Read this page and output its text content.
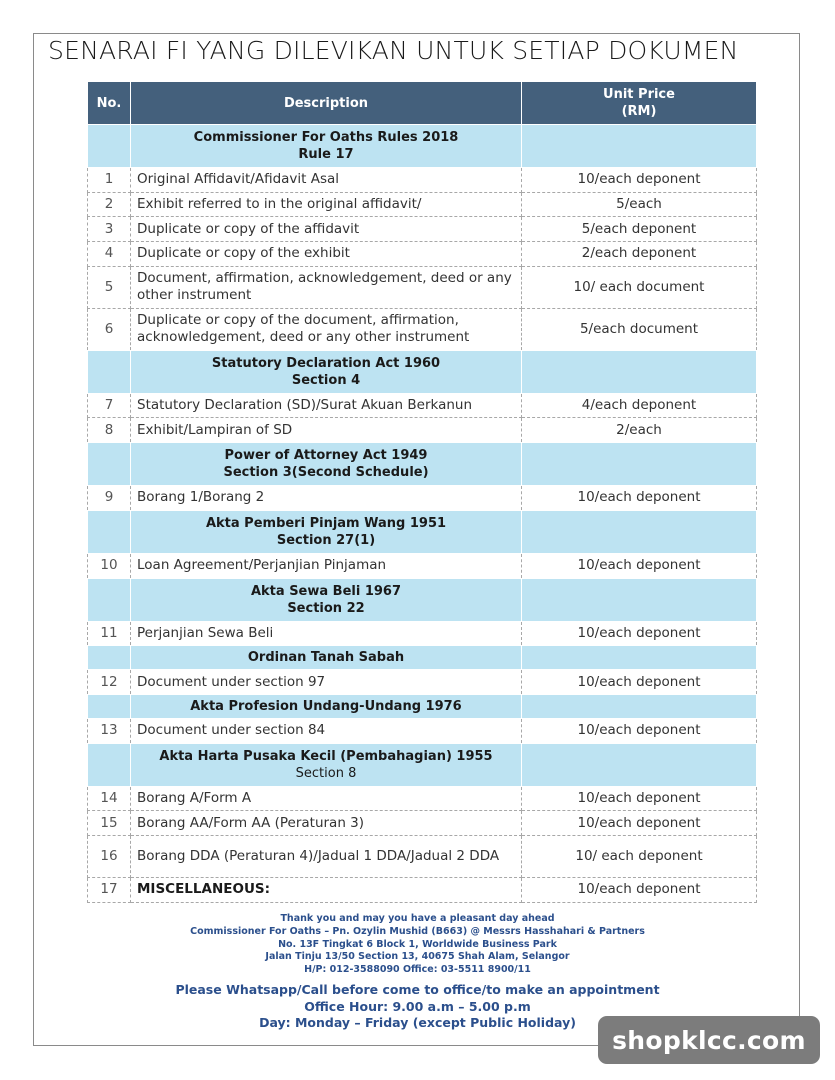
SENARAI FI YANG DILEVIKAN UNTUK SETIAP DOKUMEN
No.	Description	Unit Price
(RM)
	Commissioner For Oaths Rules 2018
Rule 17	
1	Original Affidavit/Afidavit Asal	10/each deponent
2	Exhibit referred to in the original affidavit/	5/each
3	Duplicate or copy of the affidavit	5/each deponent
4	Duplicate or copy of the exhibit	2/each deponent
5	Document, affirmation, acknowledgement, deed or any other instrument	10/ each document
6	Duplicate or copy of the document, affirmation, acknowledgement, deed or any other instrument	5/each document
	Statutory Declaration Act 1960
Section 4	
7	Statutory Declaration (SD)/Surat Akuan Berkanun	4/each deponent
8	Exhibit/Lampiran of SD	2/each
	Power of Attorney Act 1949
Section 3(Second Schedule)	
9	Borang 1/Borang 2	10/each deponent
	Akta Pemberi Pinjam Wang 1951
Section 27(1)	
10	Loan Agreement/Perjanjian Pinjaman	10/each deponent
	Akta Sewa Beli 1967
Section 22	
11	Perjanjian Sewa Beli	10/each deponent
	Ordinan Tanah Sabah	
12	Document under section 97	10/each deponent
	Akta Profesion Undang-Undang 1976	
13	Document under section 84	10/each deponent
	Akta Harta Pusaka Kecil (Pembahagian) 1955
Section 8	
14	Borang A/Form A	10/each deponent
15	Borang AA/Form AA (Peraturan 3)	10/each deponent
16	Borang DDA (Peraturan 4)/Jadual 1 DDA/Jadual 2 DDA	10/ each deponent
17	MISCELLANEOUS:	10/each deponent
Thank you and may you have a pleasant day ahead
Commissioner For Oaths – Pn. Ozylin Mushid (B663) @ Messrs Hasshahari & Partners
No. 13F Tingkat 6 Block 1, Worldwide Business Park
Jalan Tinju 13/50 Section 13, 40675 Shah Alam, Selangor
H/P: 012-3588090 Office: 03-5511 8900/11
Please Whatsapp/Call before come to office/to make an appointment
Office Hour: 9.00 a.m – 5.00 p.m
Day: Monday – Friday (except Public Holiday)
shopklcc.com
